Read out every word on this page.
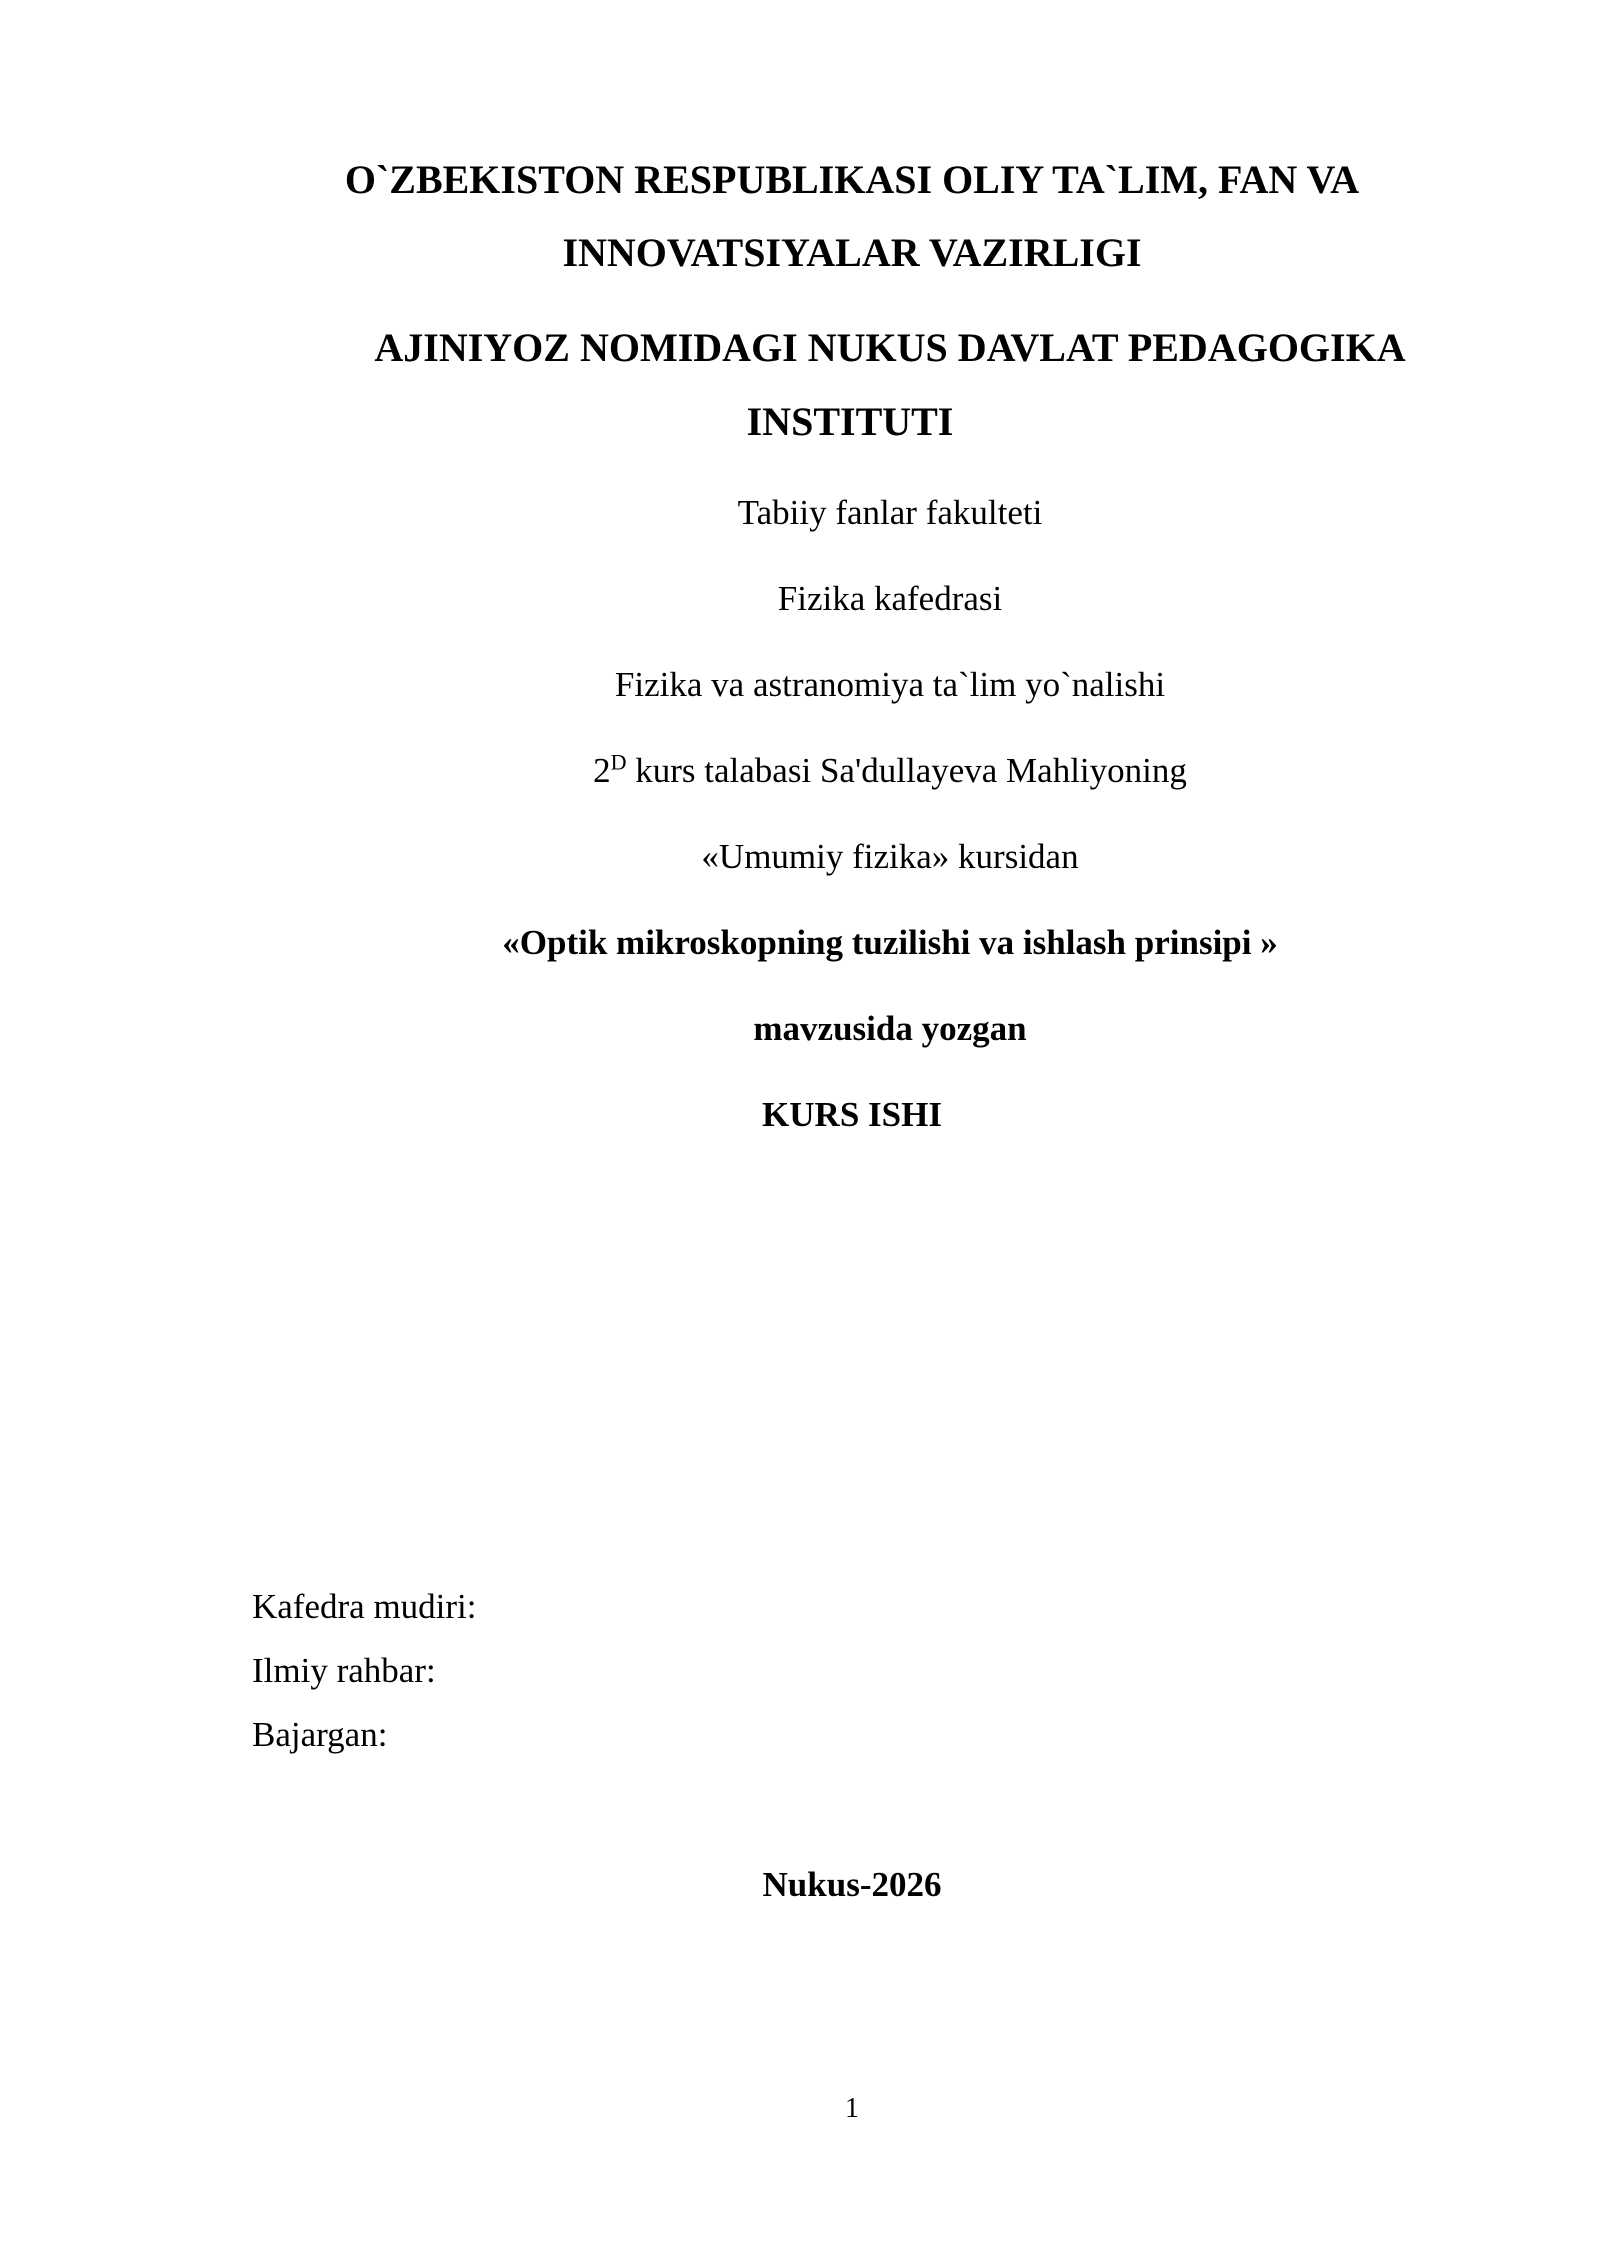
O`ZBEKISTON RESPUBLIKASI OLIY TA`LIM, FAN VA

INNOVATSIYALAR VAZIRLIGI

AJINIYOZ NOMIDAGI NUKUS DAVLAT PEDAGOGIKA

INSTITUTI

Tabiiy fanlar fakulteti

Fizika kafedrasi

Fizika va astranomiya ta`lim yo`nalishi

$2^D$ kurs talabasi Sa'dullayeva Mahliyoning

«Umumiy fizika» kursidan

«Optik mikroskopning tuzilishi va ishlash prinsipi »

mavzusida yozgan

KURS ISHI

Kafedra mudiri:

Ilmiy rahbar:

Bajargan:

Nukus-2026

1
